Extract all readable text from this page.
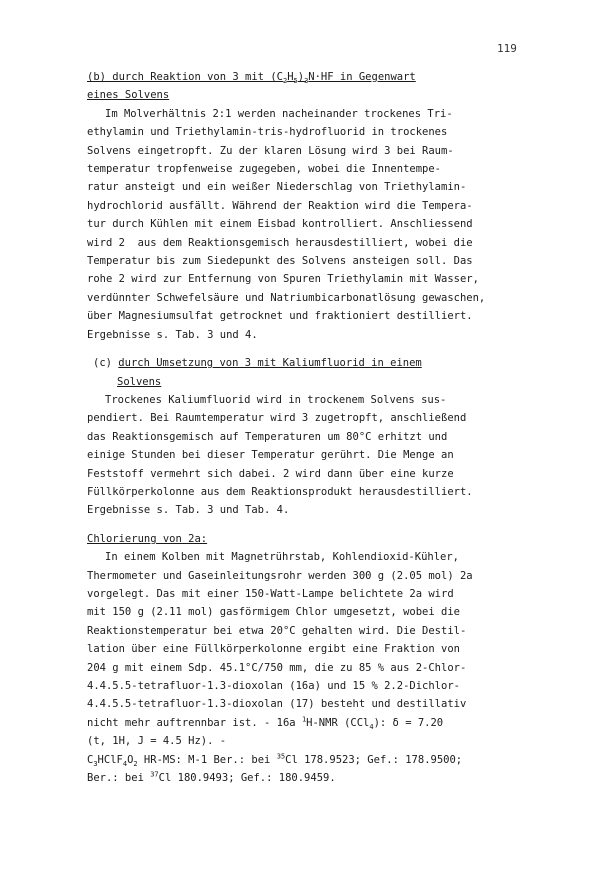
119
(b) durch Reaktion von 3 mit $(C_2H_5)_3N\cdot HF$ in Gegenwart
eines Solvens
Im Molverhältnis 2:1 werden nacheinander trockenes Tri-
ethylamin und Triethylamin-tris-hydrofluorid in trockenes
Solvens eingetropft. Zu der klaren Lösung wird 3 bei Raum-
temperatur tropfenweise zugegeben, wobei die Innentempe-
ratur ansteigt und ein weißer Niederschlag von Triethylamin-
hydrochlorid ausfällt. Während der Reaktion wird die Tempera-
tur durch Kühlen mit einem Eisbad kontrolliert. Anschliessend
wird 2  aus dem Reaktionsgemisch herausdestilliert, wobei die
Temperatur bis zum Siedepunkt des Solvens ansteigen soll. Das
rohe 2 wird zur Entfernung von Spuren Triethylamin mit Wasser,
verdünnter Schwefelsäure und Natriumbicarbonatlösung gewaschen,
über Magnesiumsulfat getrocknet und fraktioniert destilliert.
Ergebnisse s. Tab. 3 und 4.
(c) durch Umsetzung von 3 mit Kaliumfluorid in einem
Solvens
Trockenes Kaliumfluorid wird in trockenem Solvens sus-
pendiert. Bei Raumtemperatur wird 3 zugetropft, anschließend
das Reaktionsgemisch auf Temperaturen um 80°C erhitzt und
einige Stunden bei dieser Temperatur gerührt. Die Menge an
Feststoff vermehrt sich dabei. 2 wird dann über eine kurze
Füllkörperkolonne aus dem Reaktionsprodukt herausdestilliert.
Ergebnisse s. Tab. 3 und Tab. 4.
Chlorierung von 2a:
In einem Kolben mit Magnetrührstab, Kohlendioxid-Kühler,
Thermometer und Gaseinleitungsrohr werden 300 g (2.05 mol) 2a
vorgelegt. Das mit einer 150-Watt-Lampe belichtete 2a wird
mit 150 g (2.11 mol) gasförmigem Chlor umgesetzt, wobei die
Reaktionstemperatur bei etwa 20°C gehalten wird. Die Destil-
lation über eine Füllkörperkolonne ergibt eine Fraktion von
204 g mit einem Sdp. 45.1°C/750 mm, die zu 85 % aus 2-Chlor-
4.4.5.5-tetrafluor-1.3-dioxolan (16a) und 15 % 2.2-Dichlor-
4.4.5.5-tetrafluor-1.3-dioxolan (17) besteht und destillativ
nicht mehr auftrennbar ist. - 16a $^1$H-NMR (CCl$_4$): δ = 7.20
(t, 1H, J = 4.5 Hz). -
$C_3HClF_4O_2$ HR-MS: M-1 Ber.: bei $^{35}$Cl 178.9523; Gef.: 178.9500;
Ber.: bei $^{37}$Cl 180.9493; Gef.: 180.9459.
